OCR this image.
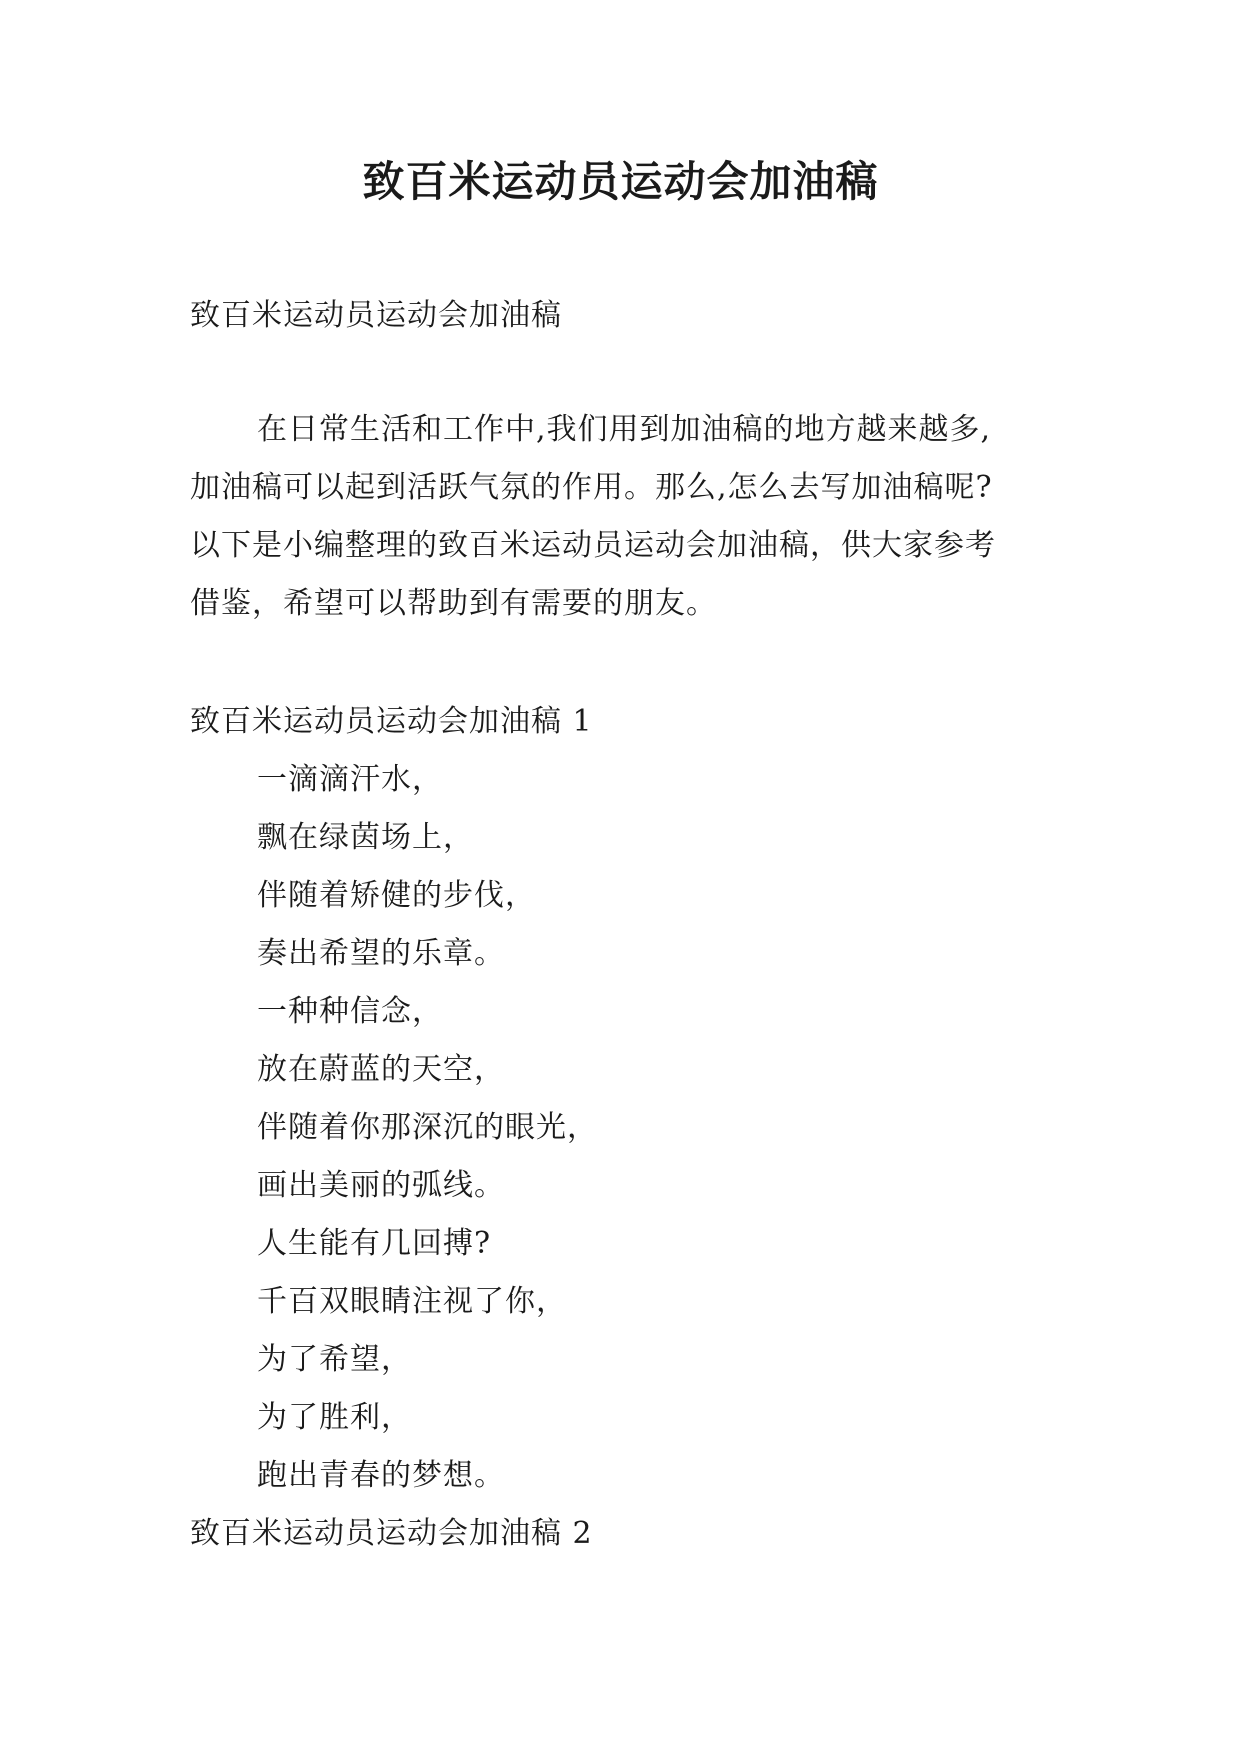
致百米运动员运动会加油稿
致百米运动员运动会加油稿
在日常生活和工作中,我们用到加油稿的地方越来越多,
加油稿可以起到活跃气氛的作用。那么,怎么去写加油稿呢?
以下是小编整理的致百米运动员运动会加油稿，供大家参考
借鉴，希望可以帮助到有需要的朋友。
致百米运动员运动会加油稿 1
一滴滴汗水，
飘在绿茵场上，
伴随着矫健的步伐，
奏出希望的乐章。
一种种信念，
放在蔚蓝的天空，
伴随着你那深沉的眼光，
画出美丽的弧线。
人生能有几回搏?
千百双眼睛注视了你，
为了希望，
为了胜利，
跑出青春的梦想。
致百米运动员运动会加油稿 2
